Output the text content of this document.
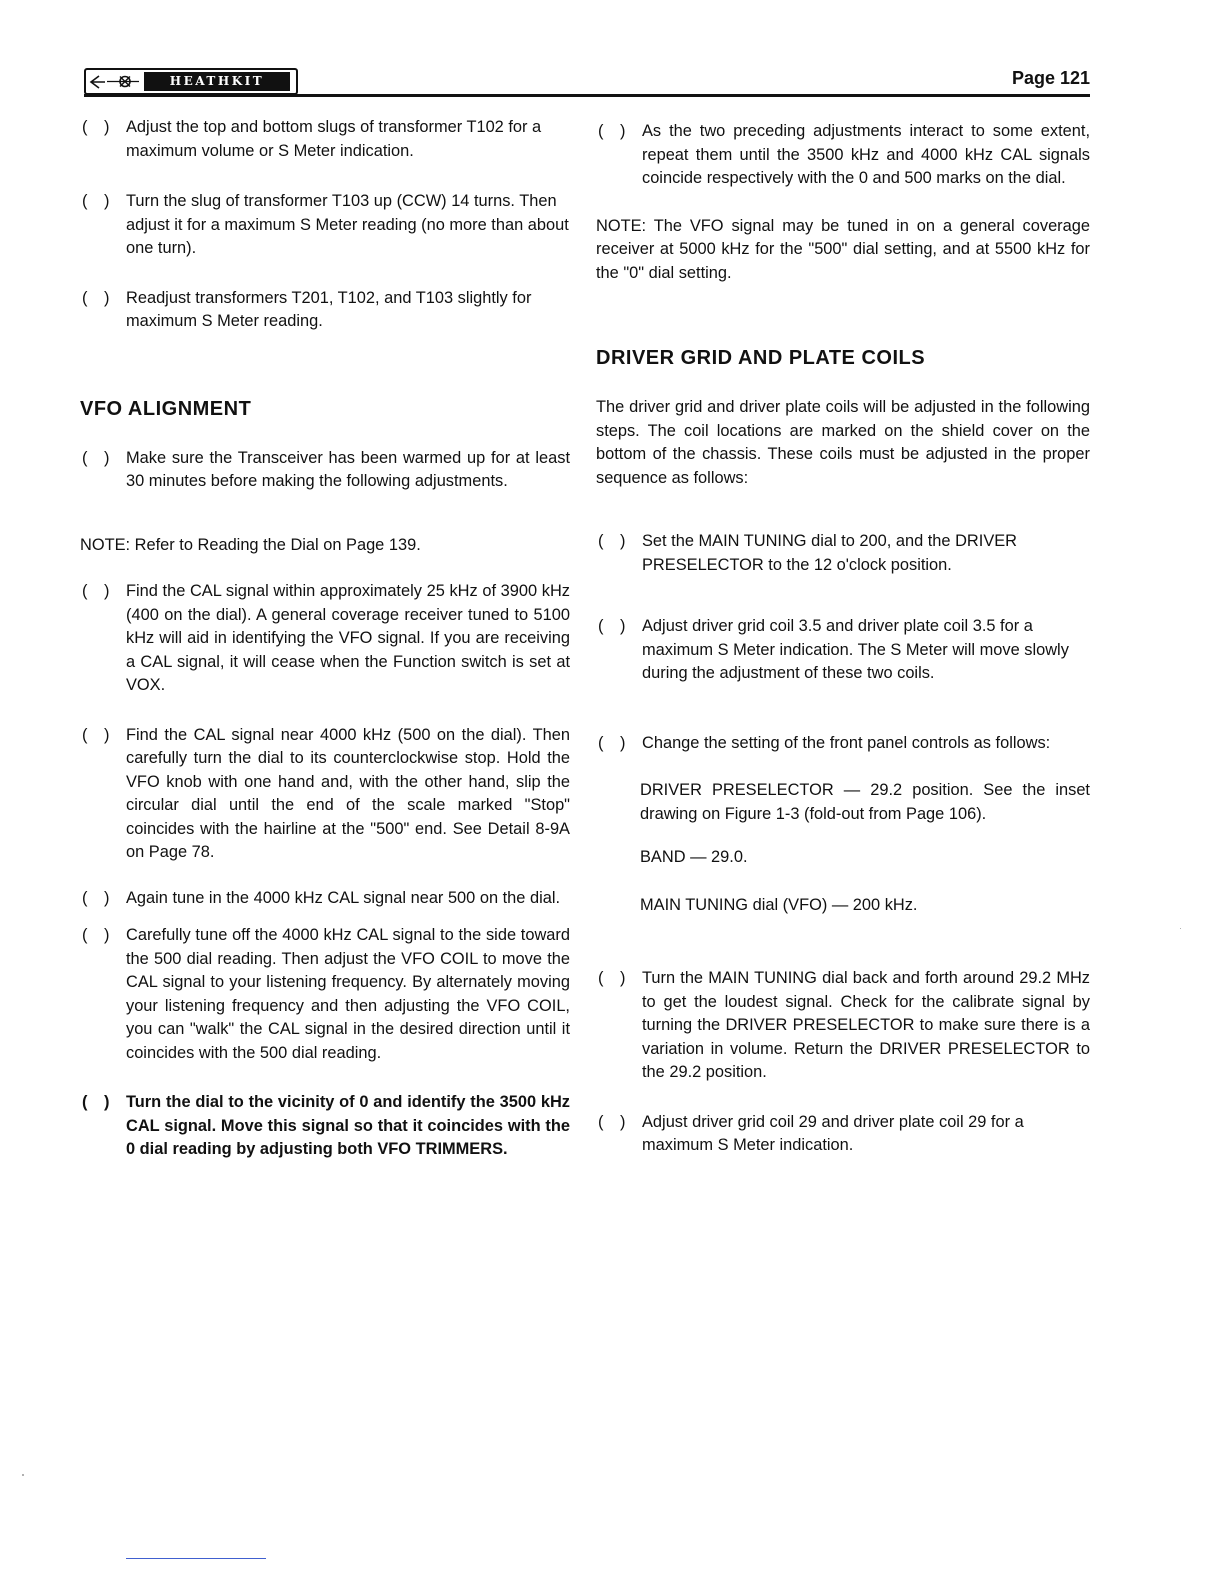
HEATHKIT	Page 121
( ) Adjust the top and bottom slugs of transformer T102 for a maximum volume or S Meter indication.
( ) Turn the slug of transformer T103 up (CCW) 14 turns. Then adjust it for a maximum S Meter reading (no more than about one turn).
( ) Readjust transformers T201, T102, and T103 slightly for maximum S Meter reading.
VFO ALIGNMENT
( ) Make sure the Transceiver has been warmed up for at least 30 minutes before making the following adjustments.
NOTE: Refer to Reading the Dial on Page 139.
( ) Find the CAL signal within approximately 25 kHz of 3900 kHz (400 on the dial). A general coverage receiver tuned to 5100 kHz will aid in identifying the VFO signal. If you are receiving a CAL signal, it will cease when the Function switch is set at VOX.
( ) Find the CAL signal near 4000 kHz (500 on the dial). Then carefully turn the dial to its counterclockwise stop. Hold the VFO knob with one hand and, with the other hand, slip the circular dial until the end of the scale marked "Stop" coincides with the hairline at the "500" end. See Detail 8-9A on Page 78.
( ) Again tune in the 4000 kHz CAL signal near 500 on the dial.
( ) Carefully tune off the 4000 kHz CAL signal to the side toward the 500 dial reading. Then adjust the VFO COIL to move the CAL signal to your listening frequency. By alternately moving your listening frequency and then adjusting the VFO COIL, you can "walk" the CAL signal in the desired direction until it coincides with the 500 dial reading.
( ) Turn the dial to the vicinity of 0 and identify the 3500 kHz CAL signal. Move this signal so that it coincides with the 0 dial reading by adjusting both VFO TRIMMERS.
( ) As the two preceding adjustments interact to some extent, repeat them until the 3500 kHz and 4000 kHz CAL signals coincide respectively with the 0 and 500 marks on the dial.
NOTE: The VFO signal may be tuned in on a general coverage receiver at 5000 kHz for the "500" dial setting, and at 5500 kHz for the "0" dial setting.
DRIVER GRID AND PLATE COILS
The driver grid and driver plate coils will be adjusted in the following steps. The coil locations are marked on the shield cover on the bottom of the chassis. These coils must be adjusted in the proper sequence as follows:
( ) Set the MAIN TUNING dial to 200, and the DRIVER PRESELECTOR to the 12 o'clock position.
( ) Adjust driver grid coil 3.5 and driver plate coil 3.5 for a maximum S Meter indication. The S Meter will move slowly during the adjustment of these two coils.
( ) Change the setting of the front panel controls as follows:
DRIVER PRESELECTOR — 29.2 position. See the inset drawing on Figure 1-3 (fold-out from Page 106).
BAND — 29.0.
MAIN TUNING dial (VFO) — 200 kHz.
( ) Turn the MAIN TUNING dial back and forth around 29.2 MHz to get the loudest signal. Check for the calibrate signal by turning the DRIVER PRESELECTOR to make sure there is a variation in volume. Return the DRIVER PRESELECTOR to the 29.2 position.
( ) Adjust driver grid coil 29 and driver plate coil 29 for a maximum S Meter indication.
